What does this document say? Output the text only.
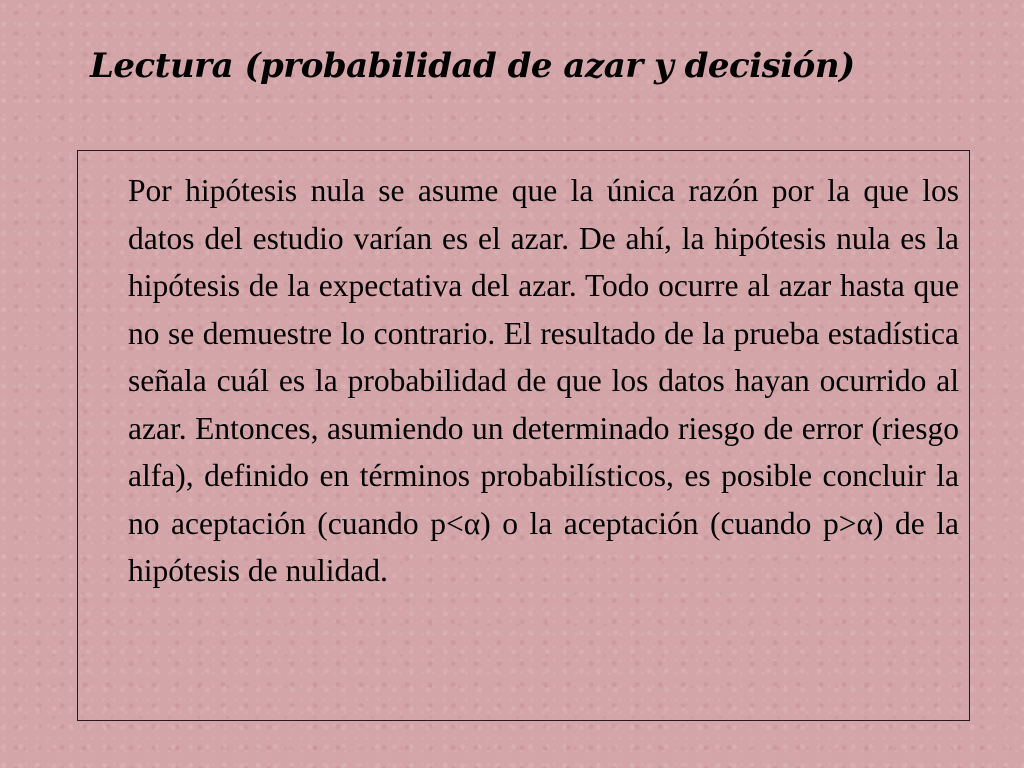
Lectura (probabilidad de azar y decisión)

Por hipótesis nula se asume que la única razón por la que los datos del estudio varían es el azar. De ahí, la hipótesis nula es la hipótesis de la expectativa del azar. Todo ocurre al azar hasta que no se demuestre lo contrario. El resultado de la prueba estadística señala cuál es la probabilidad de que los datos hayan ocurrido al azar. Entonces, asumiendo un determinado riesgo de error (riesgo alfa), definido en términos probabilísticos, es posible concluir la no aceptación (cuando p<α) o la aceptación (cuando p>α) de la hipótesis de nulidad.
